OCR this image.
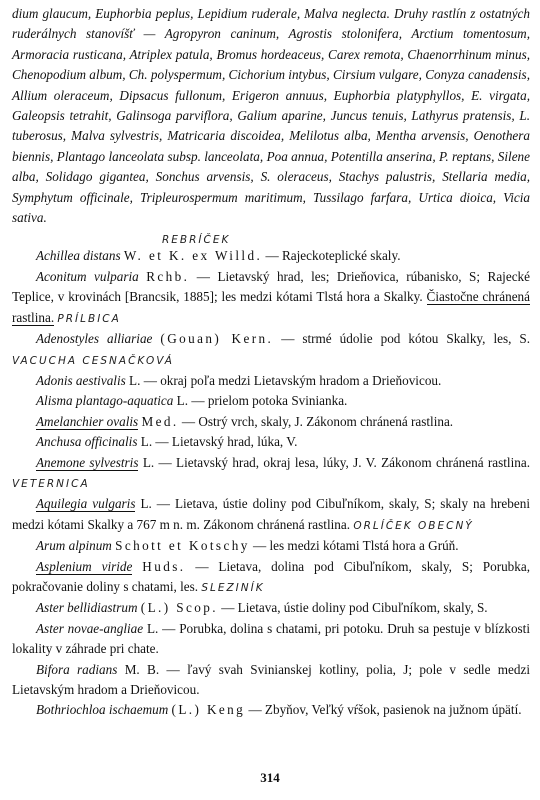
dium glaucum, Euphorbia peplus, Lepidium ruderale, Malva neglecta. Druhy rastlín z ostatných ruderálnych stanovíšť — Agropyron caninum, Agrostis stolonifera, Arctium tomentosum, Armoracia rusticana, Atriplex patula, Bromus hordeaceus, Carex remota, Chaenorrhinum minus, Chenopodium album, Ch. polyspermum, Cichorium intybus, Cirsium vulgare, Conyza canadensis, Allium oleraceum, Dipsacus fullonum, Erigeron annuus, Euphorbia platyphyllos, E. virgata, Galeopsis tetrahit, Galinsoga parviflora, Galium aparine, Juncus tenuis, Lathyrus pratensis, L. tuberosus, Malva sylvestris, Matricaria discoidea, Melilotus alba, Mentha arvensis, Oenothera biennis, Plantago lanceolata subsp. lanceolata, Poa annua, Potentilla anserina, P. reptans, Silene alba, Solidago gigantea, Sonchus arvensis, S. oleraceus, Stachys palustris, Stellaria media, Symphytum officinale, Tripleurospermum maritimum, Tussilago farfara, Urtica dioica, Vicia sativa.

REBRÍČEK

Achillea distans W. et K. ex Willd. — Rajeckoteplické skaly.

Aconitum vulparia Rchb. — Lietavský hrad, les; Drieňovica, rúbanisko, S; Rajecké Teplice, v krovinách [Brancsik, 1885]; les medzi kótami Tlstá hora a Skalky. Čiastočne chránená rastlina. PRÍLBICA

Adenostyles alliariae (Gouan) Kern. — strmé údolie pod kótou Skalky, les, S. VACUCHA CESNAČKOVÁ

Adonis aestivalis L. — okraj poľa medzi Lietavským hradom a Drieňovicou.

Alisma plantago-aquatica L. — prielom potoka Svinianka.

Amelanchier ovalis Med. — Ostrý vrch, skaly, J. Zákonom chránená rastlina.

Anchusa officinalis L. — Lietavský hrad, lúka, V.

Anemone sylvestris L. — Lietavský hrad, okraj lesa, lúky, J. V. Zákonom chránená rastlina. VETERNICA

Aquilegia vulgaris L. — Lietava, ústie doliny pod Cibuľníkom, skaly, S; skaly na hrebeni medzi kótami Skalky a 767 m n. m. Zákonom chránená rastlina. ORLÍČEK OBECNÝ

Arum alpinum Schott et Kotschy — les medzi kótami Tlstá hora a Grúň.

Asplenium viride Huds. — Lietava, dolina pod Cibuľníkom, skaly, S; Porubka, pokračovanie doliny s chatami, les. SLEZINÍK

Aster bellidiastrum (L.) Scop. — Lietava, ústie doliny pod Cibuľníkom, skaly, S.

Aster novae-angliae L. — Porubka, dolina s chatami, pri potoku. Druh sa pestuje v blízkosti lokality v záhrade pri chate.

Bifora radians M. B. — ľavý svah Svinianskej kotliny, polia, J; pole v sedle medzi Lietavským hradom a Drieňovicou.

Bothriochloa ischaemum (L.) Keng — Zbyňov, Veľký vŕšok, pasienok na južnom úpätí.

314
